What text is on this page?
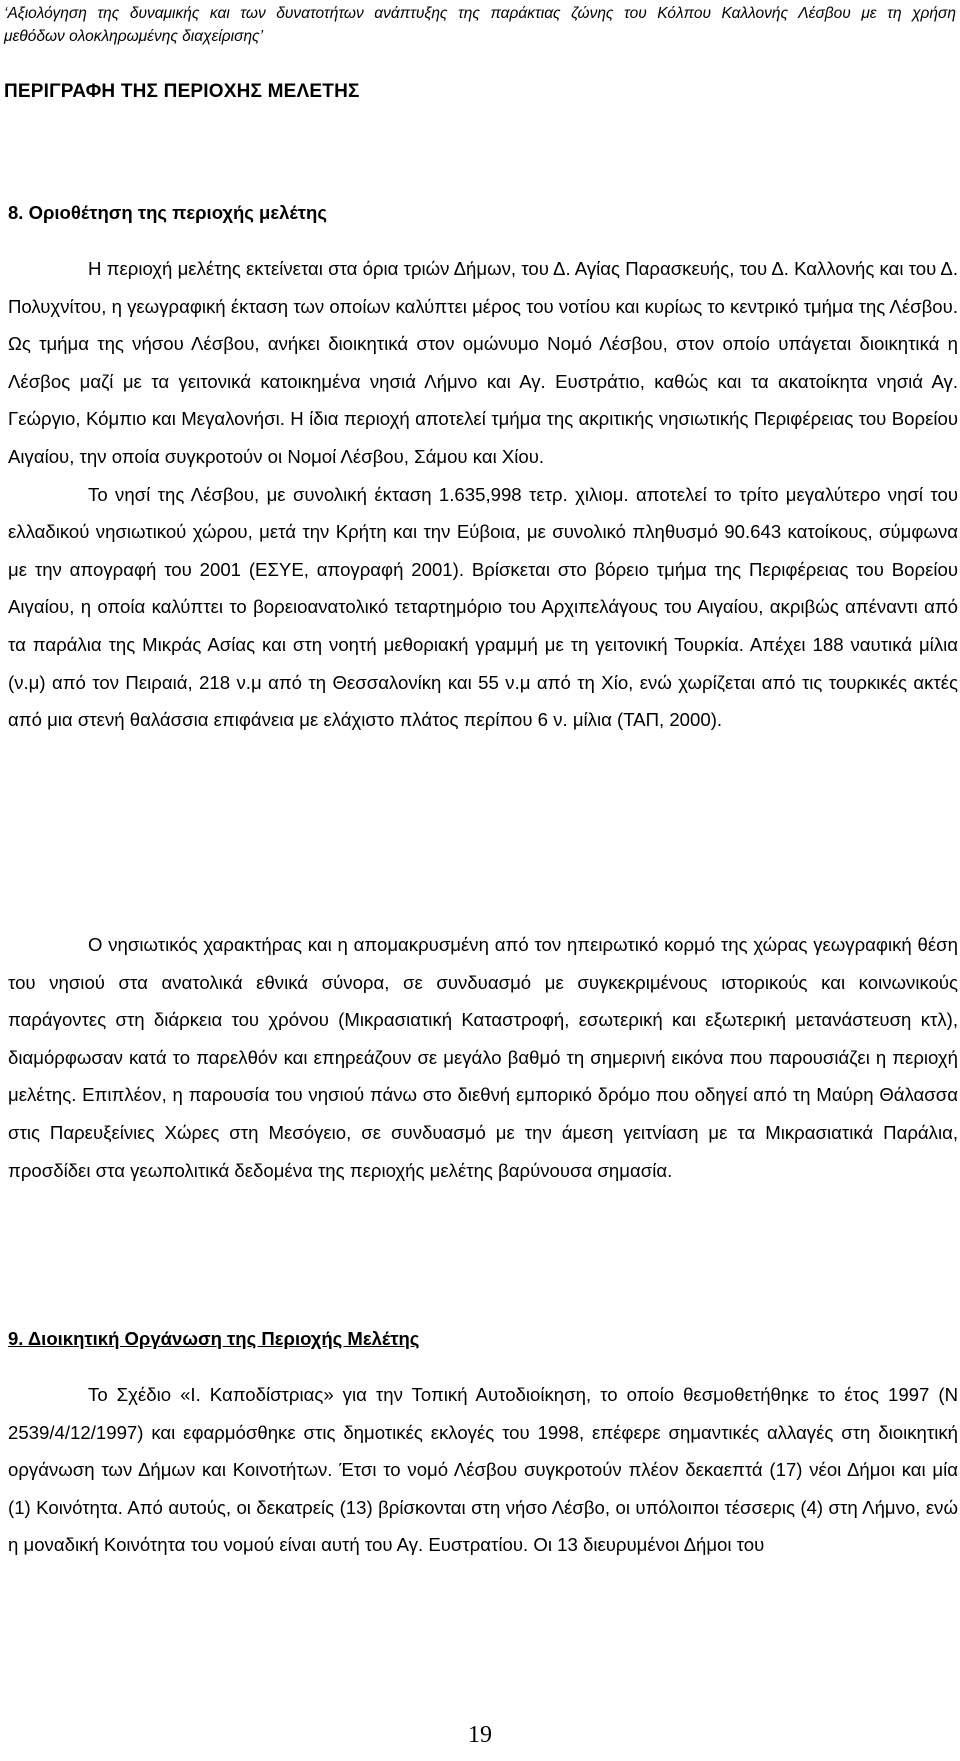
‘Αξιολόγηση της δυναμικής και των δυνατοτήτων ανάπτυξης της παράκτιας ζώνης του Κόλπου Καλλονής Λέσβου με τη χρήση
μεθόδων ολοκληρωμένης διαχείρισης’
ΠΕΡΙΓΡΑΦΗ ΤΗΣ ΠΕΡΙΟΧΗΣ ΜΕΛΕΤΗΣ
8. Οριοθέτηση της περιοχής μελέτης

Η περιοχή μελέτης εκτείνεται στα όρια τριών Δήμων, του Δ. Αγίας Παρασκευής, του Δ. Καλλονής και του Δ. Πολυχνίτου, η γεωγραφική έκταση των οποίων καλύπτει μέρος του νοτίου και κυρίως το κεντρικό τμήμα της Λέσβου. Ως τμήμα της νήσου Λέσβου, ανήκει διοικητικά στον ομώνυμο Νομό Λέσβου, στον οποίο υπάγεται διοικητικά η Λέσβος μαζί με τα γειτονικά κατοικημένα νησιά Λήμνο και Αγ. Ευστράτιο, καθώς και τα ακατοίκητα νησιά Αγ. Γεώργιο, Κόμπιο και Μεγαλονήσι. Η ίδια περιοχή αποτελεί τμήμα της ακριτικής νησιωτικής Περιφέρειας του Βορείου Αιγαίου, την οποία συγκροτούν οι Νομοί Λέσβου, Σάμου και Χίου.

Το νησί της Λέσβου, με συνολική έκταση 1.635,998 τετρ. χιλιομ. αποτελεί το τρίτο μεγαλύτερο νησί του ελλαδικού νησιωτικού χώρου, μετά την Κρήτη και την Εύβοια, με συνολικό πληθυσμό 90.643 κατοίκους, σύμφωνα με την απογραφή του 2001 (ΕΣΥΕ, απογραφή 2001). Βρίσκεται στο βόρειο τμήμα της Περιφέρειας του Βορείου Αιγαίου, η οποία καλύπτει το βορειοανατολικό τεταρτημόριο του Αρχιπελάγους του Αιγαίου, ακριβώς απέναντι από τα παράλια της Μικράς Ασίας και στη νοητή μεθοριακή γραμμή με τη γειτονική Τουρκία. Απέχει 188 ναυτικά μίλια (ν.μ) από τον Πειραιά, 218 ν.μ από τη Θεσσαλονίκη και 55 ν.μ από τη Χίο, ενώ χωρίζεται από τις τουρκικές ακτές από μια στενή θαλάσσια επιφάνεια με ελάχιστο πλάτος περίπου 6 ν. μίλια (ΤΑΠ, 2000).

Ο νησιωτικός χαρακτήρας και η απομακρυσμένη από τον ηπειρωτικό κορμό της χώρας γεωγραφική θέση του νησιού στα ανατολικά εθνικά σύνορα, σε συνδυασμό με συγκεκριμένους ιστορικούς και κοινωνικούς παράγοντες στη διάρκεια του χρόνου (Μικρασιατική Καταστροφή, εσωτερική και εξωτερική μετανάστευση κτλ), διαμόρφωσαν κατά το παρελθόν και επηρεάζουν σε μεγάλο βαθμό τη σημερινή εικόνα που παρουσιάζει η περιοχή μελέτης. Επιπλέον, η παρουσία του νησιού πάνω στο διεθνή εμπορικό δρόμο που οδηγεί από τη Μαύρη Θάλασσα στις Παρευξείνιες Χώρες στη Μεσόγειο, σε συνδυασμό με την άμεση γειτνίαση με τα Μικρασιατικά Παράλια, προσδίδει στα γεωπολιτικά δεδομένα της περιοχής μελέτης βαρύνουσα σημασία.

9. Διοικητική Οργάνωση της Περιοχής Μελέτης

Το Σχέδιο «Ι. Καποδίστριας» για την Τοπική Αυτοδιοίκηση, το οποίο θεσμοθετήθηκε το έτος 1997 (Ν 2539/4/12/1997) και εφαρμόσθηκε στις δημοτικές εκλογές του 1998, επέφερε σημαντικές αλλαγές στη διοικητική οργάνωση των Δήμων και Κοινοτήτων. Έτσι το νομό Λέσβου συγκροτούν πλέον δεκαεπτά (17) νέοι Δήμοι και μία (1) Κοινότητα. Από αυτούς, οι δεκατρείς (13) βρίσκονται στη νήσο Λέσβο, οι υπόλοιποι τέσσερις (4) στη Λήμνο, ενώ η μοναδική Κοινότητα του νομού είναι αυτή του Αγ. Ευστρατίου. Οι 13 διευρυμένοι Δήμοι του

19
